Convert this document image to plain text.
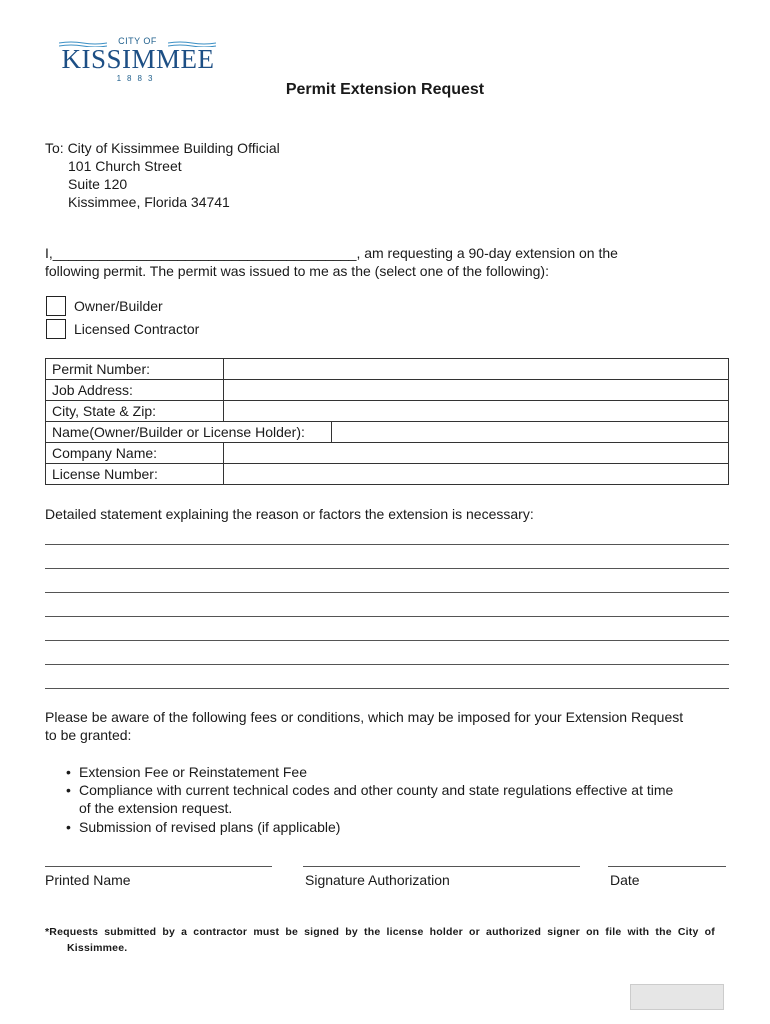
CITY OF
KISSIMMEE
1883
Permit Extension Request
To: City of Kissimmee Building Official
101 Church Street
Suite 120
Kissimmee, Florida 34741
I,_______________________________________, am requesting a 90-day extension on the
following permit. The permit was issued to me as the (select one of the following):
Owner/Builder
Licensed Contractor
Permit Number:		
Job Address:		
City, State & Zip:		
Name(Owner/Builder or License Holder):		
Company Name:		
License Number:		
Detailed statement explaining the reason or factors the extension is necessary:
Please be aware of the following fees or conditions, which may be imposed for your Extension Request
to be granted:
• Extension Fee or Reinstatement Fee
• Compliance with current technical codes and other county and state regulations effective at time
of the extension request.
• Submission of revised plans (if applicable)
Printed Name	Signature Authorization	Date
*Requests submitted by a contractor must be signed by the license holder or authorized signer on file with the City of
Kissimmee.
